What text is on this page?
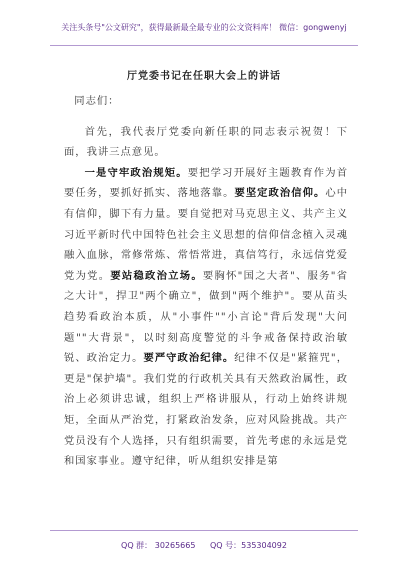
关注头条号"公文研究"，获得最新最全最专业的公文资料库！ 微信：gongwenyj
厅党委书记在任职大会上的讲话

同志们：

首先，我代表厅党委向新任职的同志表示祝贺！下面，我讲三点意见。

一是守牢政治规矩。要把学习开展好主题教育作为首要任务，要抓好抓实、落地落靠。要坚定政治信仰。心中有信仰，脚下有力量。要自觉把对马克思主义、共产主义习近平新时代中国特色社会主义思想的信仰信念植入灵魂融入血脉，常修常炼、常悟常进，真信笃行，永远信党爱党为党。要站稳政治立场。要胸怀"国之大者"、服务"省之大计"，捍卫"两个确立"，做到"两个维护"。要从苗头趋势看政治本质，从"小事件""小言论"背后发现"大问题""大背景"，以时刻高度警觉的斗争戒备保持政治敏锐、政治定力。要严守政治纪律。纪律不仅是"紧箍咒"，更是"保护墙"。我们党的行政机关具有天然政治属性，政治上必须讲忠诚，组织上严格讲服从，行动上始终讲规矩，全面从严治党，打紧政治发条，应对风险挑战。共产党员没有个人选择，只有组织需要，首先考虑的永远是党和国家事业。遵守纪律，听从组织安排是第

QQ 群： 30265665 QQ 号：535304092
